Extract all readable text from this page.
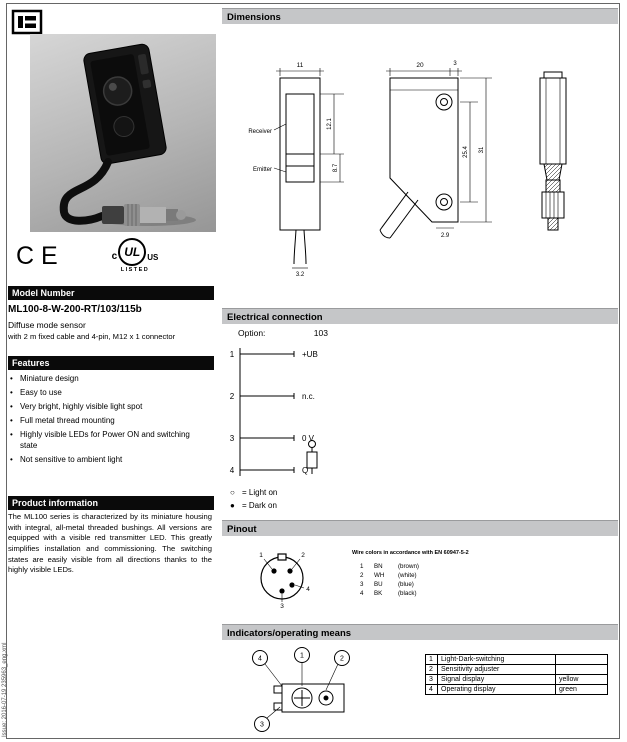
Issue: 2016-07-19 235963_eng.xml
CE	c UL US
LISTED
Model Number
ML100-8-W-200-RT/103/115b
Diffuse mode sensor
with 2 m fixed cable and 4-pin, M12 x 1 connector
Features
• Miniature design
• Easy to use
• Very bright, highly visible light spot
• Full metal thread mounting
• Highly visible LEDs for Power ON and switching state
• Not sensitive to ambient light
Product information

The ML100 series is characterized by its miniature housing with integral, all-metal threaded bushings. All versions are equipped with a visible red transmitter LED. This greatly simplifies installation and commissioning. The switching states are easily visible from all directions thanks to the highly visible LEDs.

Dimensions
11
Receiver
Emitter
12.1
8.7
3.2
20	3
25.4 31
2.9
Electrical connection
Option:	103
1
2
3
4
+UB
n.c.
0 V
Q
○ = Light on
● = Dark on
Pinout
1	2
4
3
Wire colors in accordance with EN 60947-5-2
1	BN	(brown)
2	WH	(white)
3	BU	(blue)
4	BK	(black)
Indicators/operating means
4	1	2
3
1	Light-Dark-switching	
2	Sensitivity adjuster	
3	Signal display	yellow
4	Operating display	green
